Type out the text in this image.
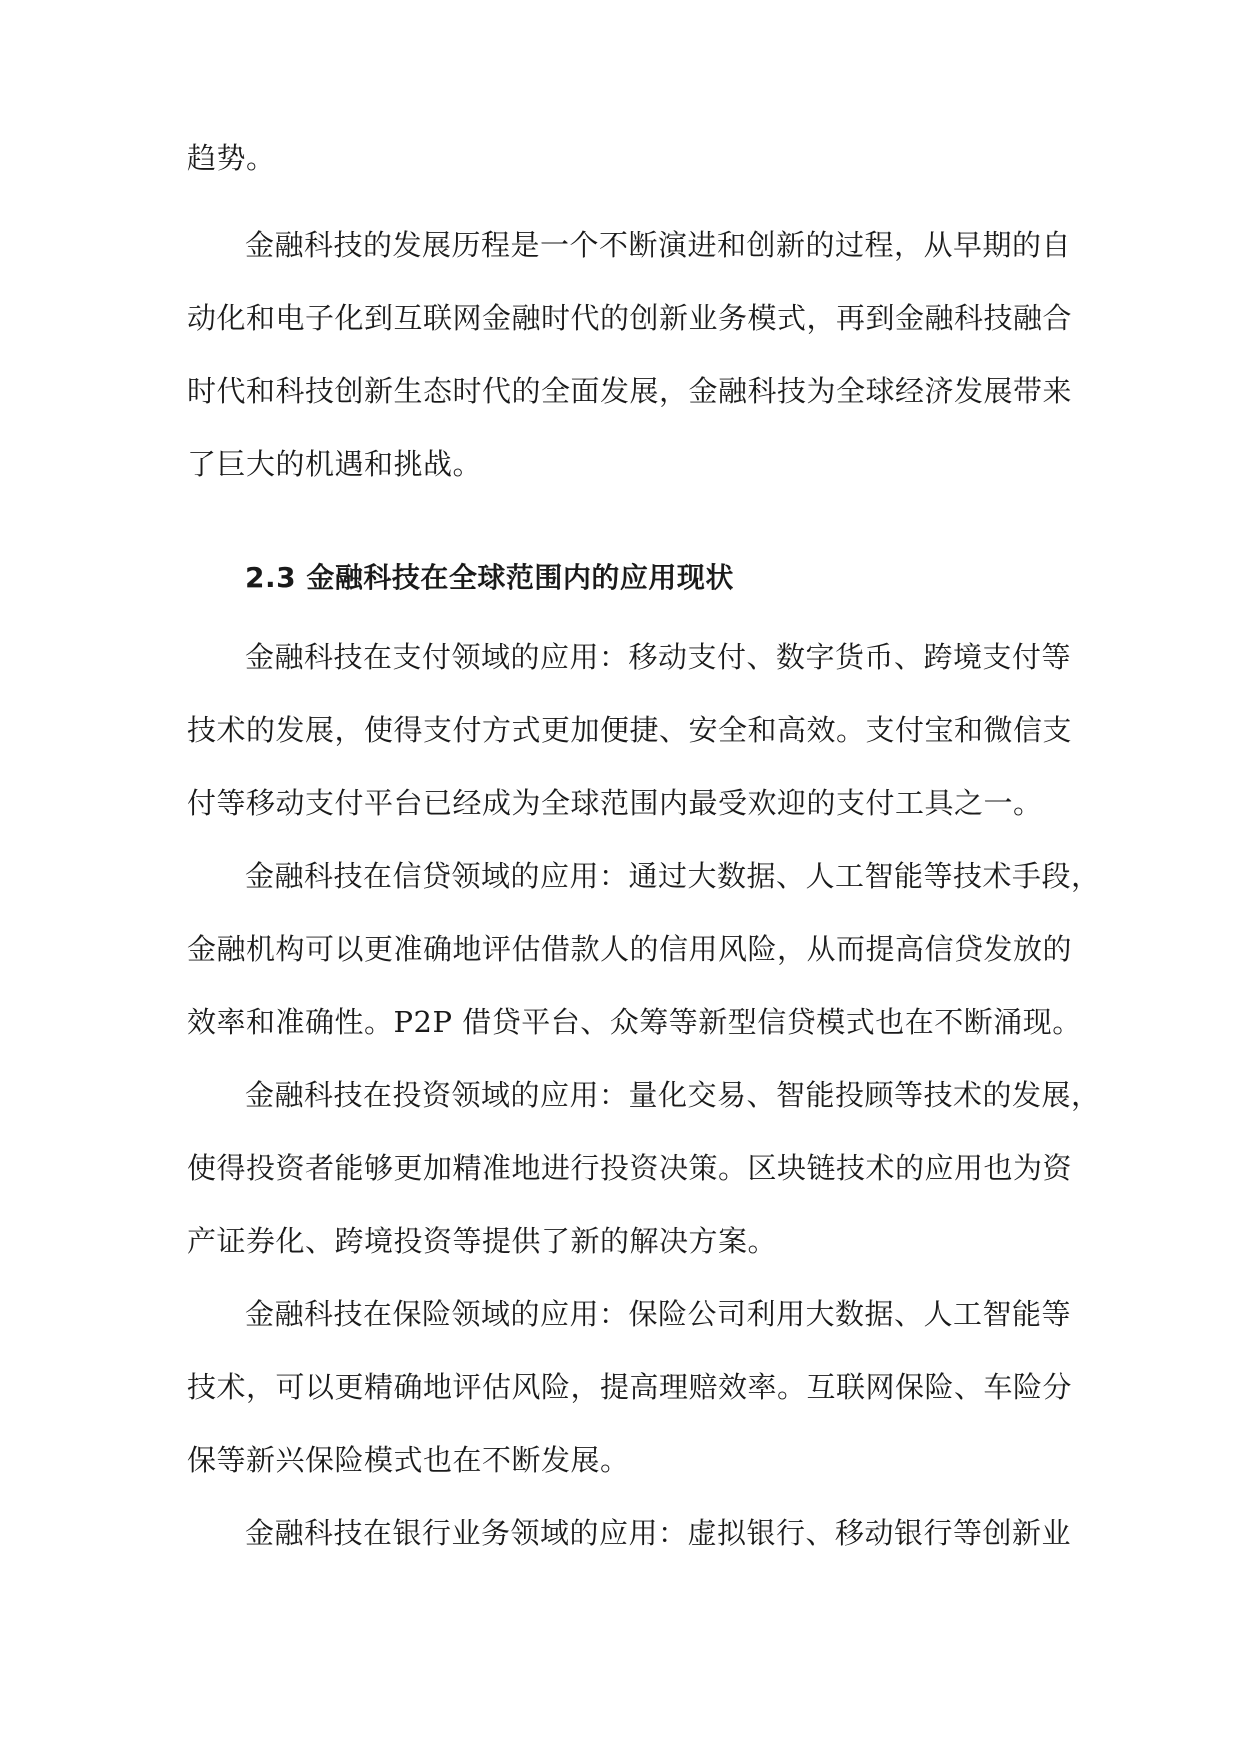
趋势。
金融科技的发展历程是一个不断演进和创新的过程，从早期的自
动化和电子化到互联网金融时代的创新业务模式，再到金融科技融合
时代和科技创新生态时代的全面发展，金融科技为全球经济发展带来
了巨大的机遇和挑战。
2.3 金融科技在全球范围内的应用现状
金融科技在支付领域的应用：移动支付、数字货币、跨境支付等
技术的发展，使得支付方式更加便捷、安全和高效。支付宝和微信支
付等移动支付平台已经成为全球范围内最受欢迎的支付工具之一。
金融科技在信贷领域的应用：通过大数据、人工智能等技术手段，
金融机构可以更准确地评估借款人的信用风险，从而提高信贷发放的
效率和准确性。P2P 借贷平台、众筹等新型信贷模式也在不断涌现。
金融科技在投资领域的应用：量化交易、智能投顾等技术的发展，
使得投资者能够更加精准地进行投资决策。区块链技术的应用也为资
产证券化、跨境投资等提供了新的解决方案。
金融科技在保险领域的应用：保险公司利用大数据、人工智能等
技术，可以更精确地评估风险，提高理赔效率。互联网保险、车险分
保等新兴保险模式也在不断发展。
金融科技在银行业务领域的应用：虚拟银行、移动银行等创新业
